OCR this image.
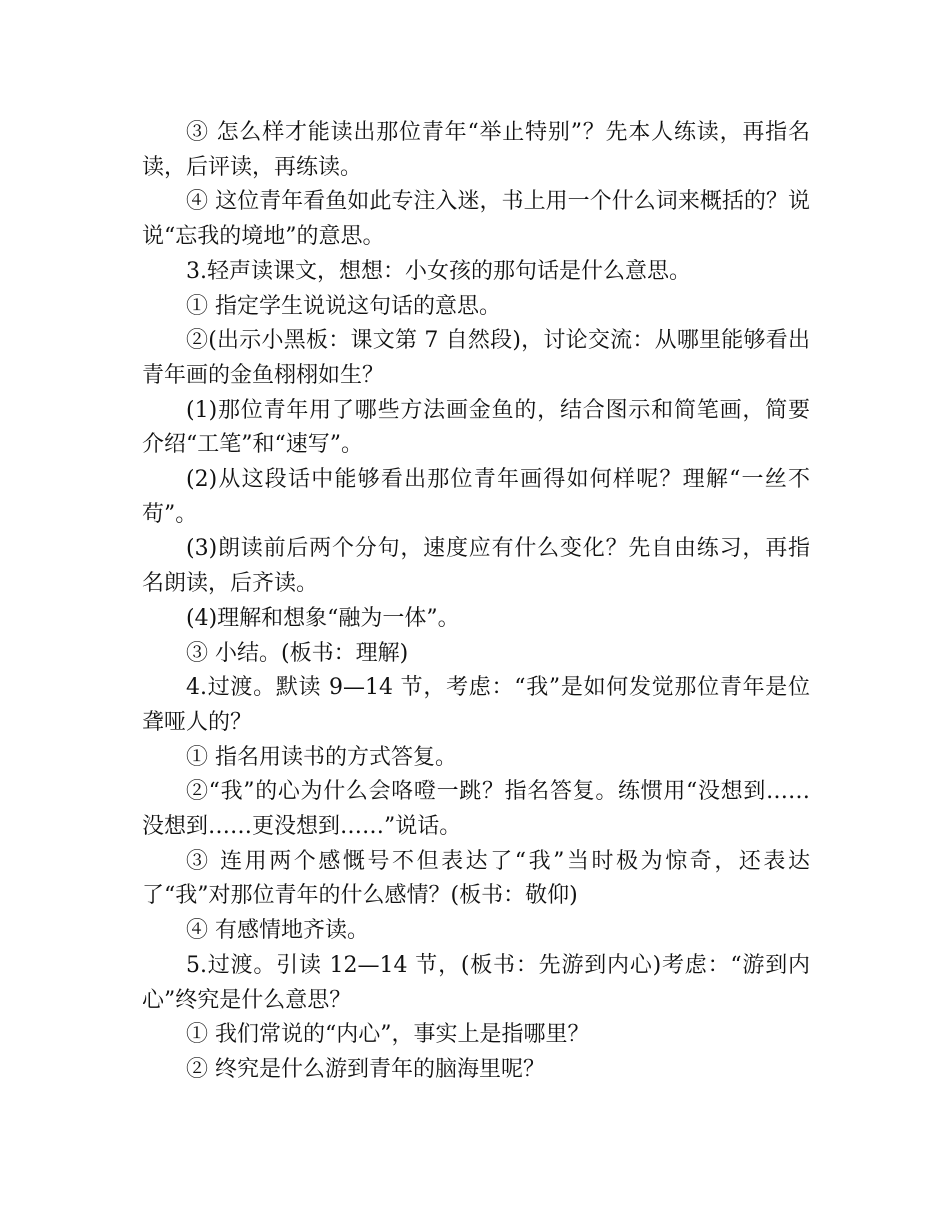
③ 怎么样才能读出那位青年“举止特别”？先本人练读，再指名读，后评读，再练读。

④ 这位青年看鱼如此专注入迷，书上用一个什么词来概括的？说说“忘我的境地”的意思。

3.轻声读课文，想想：小女孩的那句话是什么意思。

① 指定学生说说这句话的意思。

②(出示小黑板：课文第 7 自然段)，讨论交流：从哪里能够看出青年画的金鱼栩栩如生？

(1)那位青年用了哪些方法画金鱼的，结合图示和简笔画，简要介绍“工笔”和“速写”。

(2)从这段话中能够看出那位青年画得如何样呢？理解“一丝不苟”。

(3)朗读前后两个分句，速度应有什么变化？先自由练习，再指名朗读，后齐读。

(4)理解和想象“融为一体”。

③ 小结。(板书：理解)

4.过渡。默读 9—14 节，考虑：“我”是如何发觉那位青年是位聋哑人的？

① 指名用读书的方式答复。

②“我”的心为什么会咯噔一跳？指名答复。练惯用“没想到……没想到……更没想到……”说话。

③ 连用两个感慨号不但表达了“我”当时极为惊奇，还表达了“我”对那位青年的什么感情？(板书：敬仰)

④ 有感情地齐读。

5.过渡。引读 12—14 节，(板书：先游到内心)考虑：“游到内心”终究是什么意思？

① 我们常说的“内心”，事实上是指哪里？

② 终究是什么游到青年的脑海里呢？
